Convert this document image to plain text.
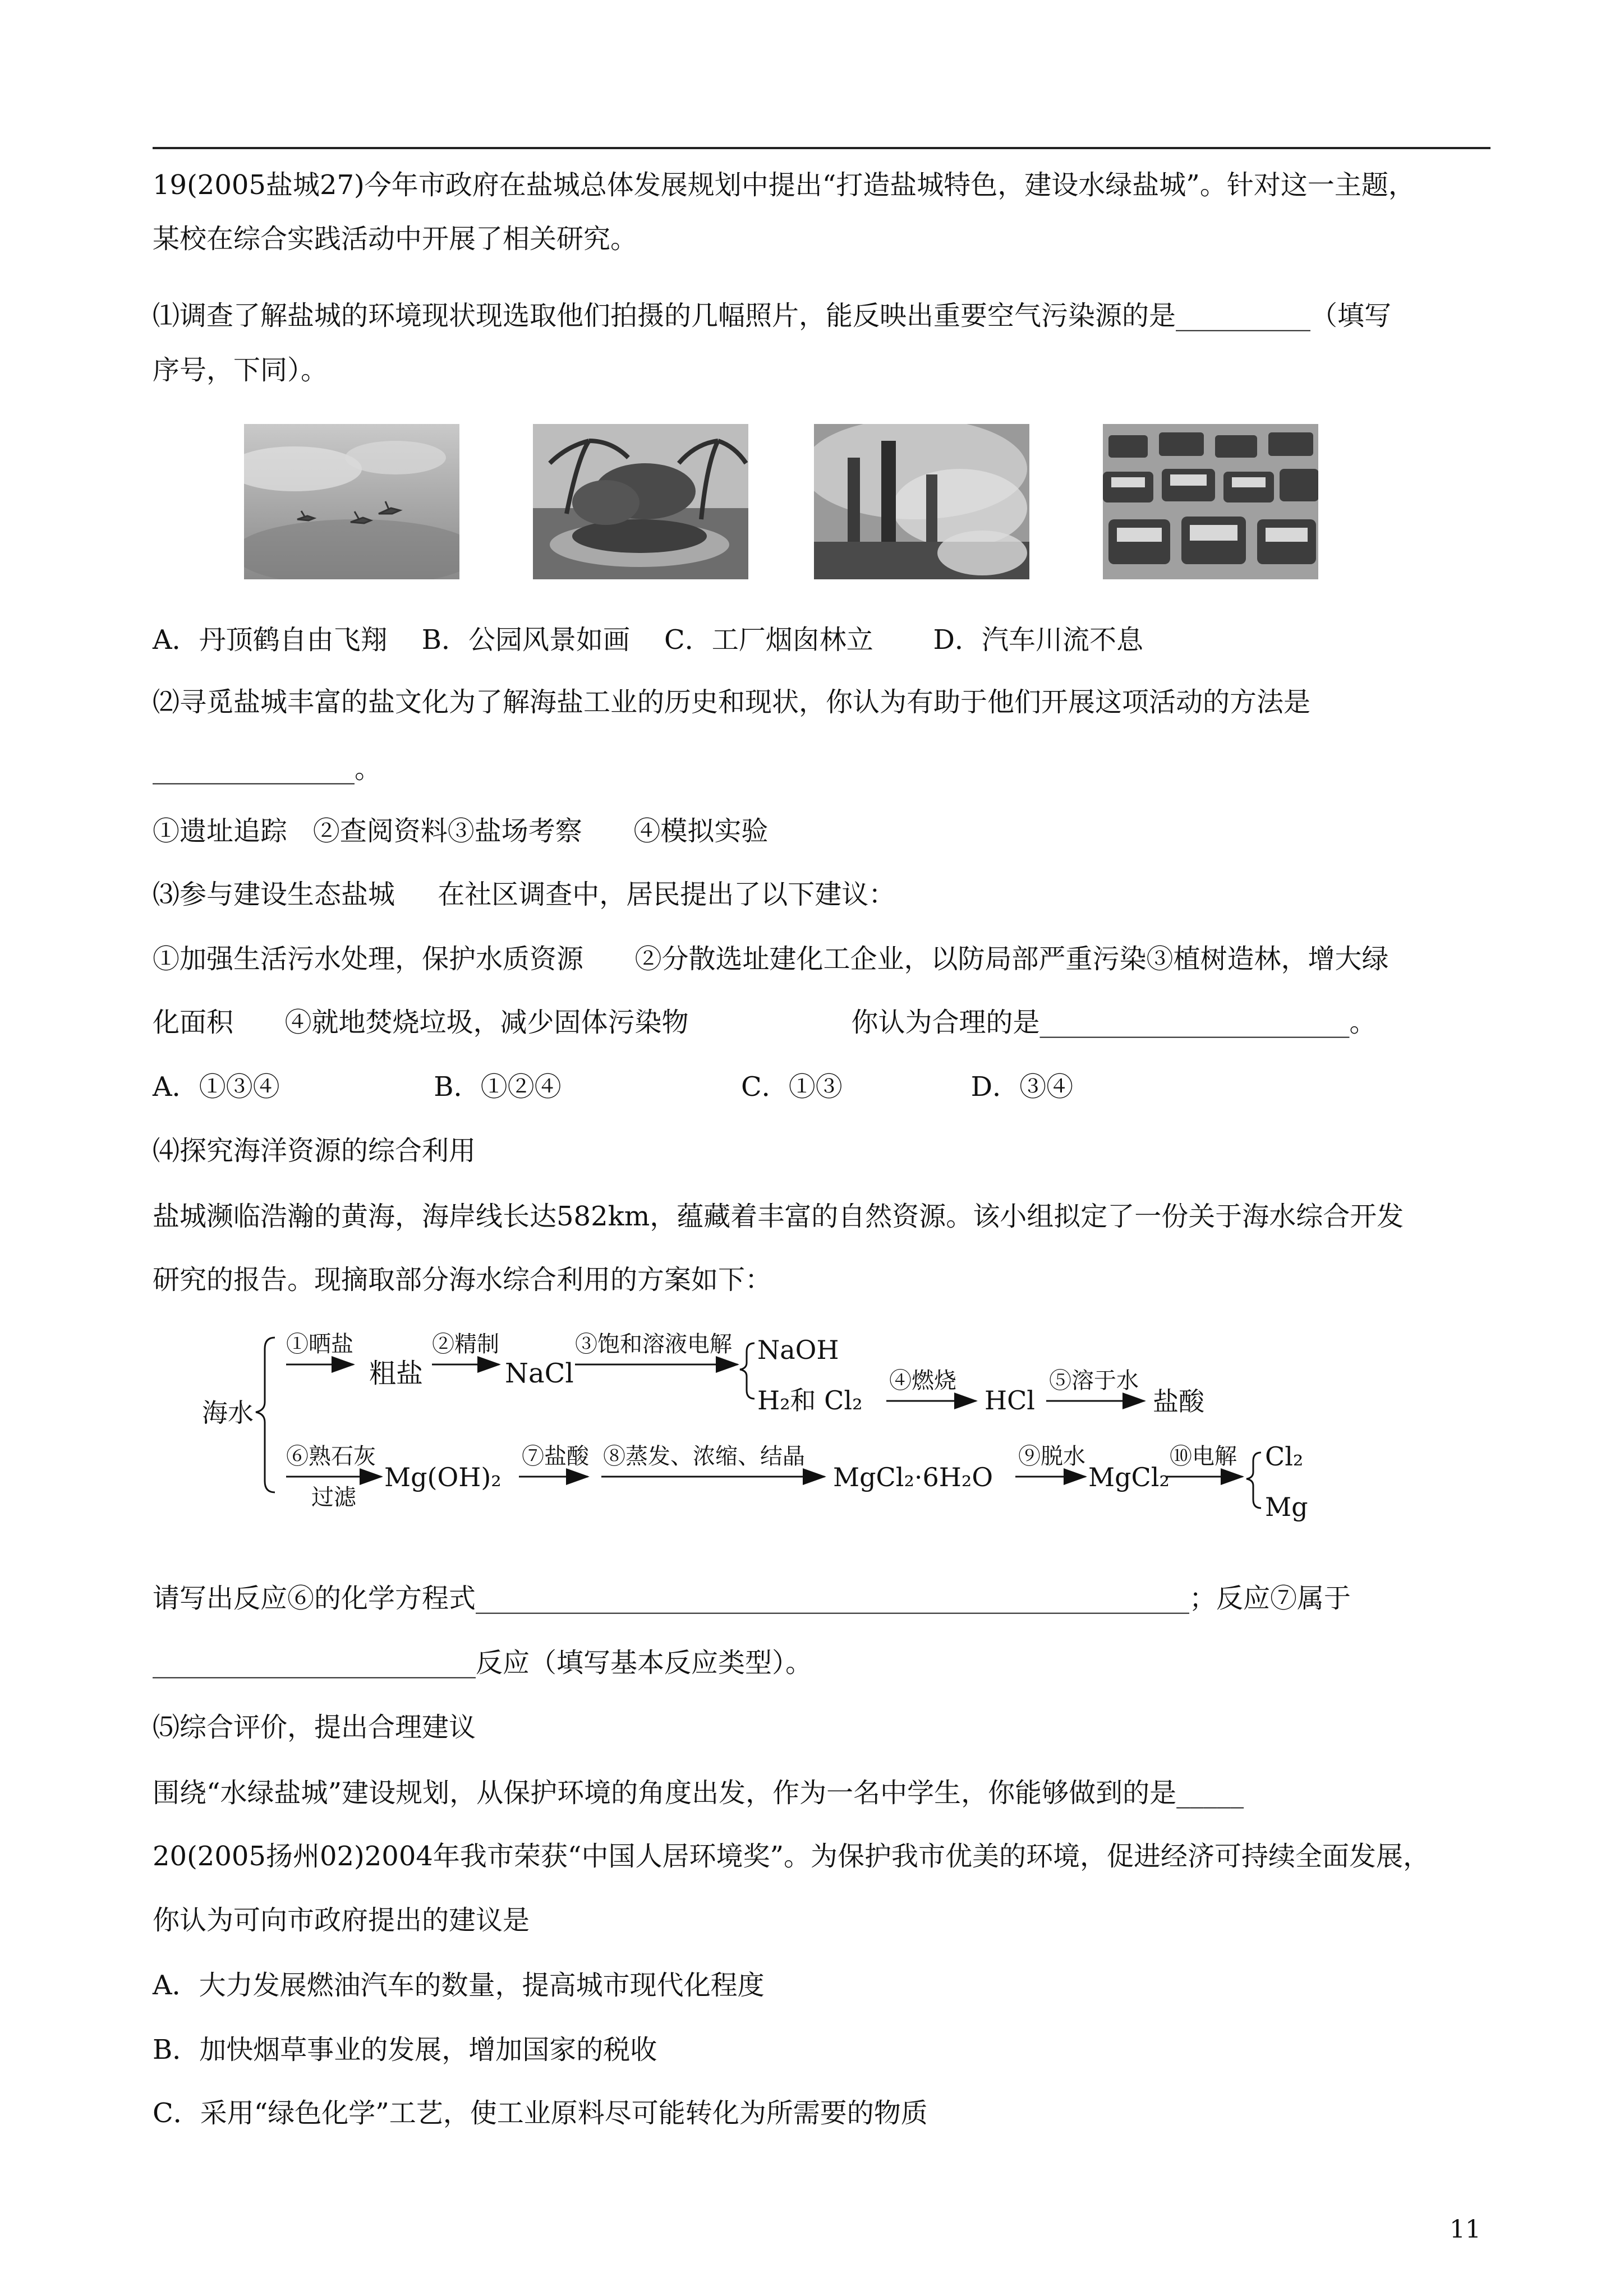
19(2005盐城27)今年市政府在盐城总体发展规划中提出“打造盐城特色，建设水绿盐城”。针对这一主题，
某校在综合实践活动中开展了相关研究。
⑴调查了解盐城的环境现状现选取他们拍摄的几幅照片，能反映出重要空气污染源的是__________（填写
序号，下同）。
A．丹顶鹤自由飞翔    B．公园风景如画    C．工厂烟囱林立       D．汽车川流不息
⑵寻觅盐城丰富的盐文化为了解海盐工业的历史和现状，你认为有助于他们开展这项活动的方法是
_______________。
①遗址追踪   ②查阅资料③盐场考察      ④模拟实验
⑶参与建设生态盐城     在社区调查中，居民提出了以下建议：
①加强生活污水处理，保护水质资源      ②分散选址建化工企业，以防局部严重污染③植树造林，增大绿
化面积      ④就地焚烧垃圾，减少固体污染物                   你认为合理的是_______________________。
A．①③④                  B．①②④                     C．①③               D．③④
⑷探究海洋资源的综合利用
盐城濒临浩瀚的黄海，海岸线长达582km，蕴藏着丰富的自然资源。该小组拟定了一份关于海水综合开发
研究的报告。现摘取部分海水综合利用的方案如下：
海水
①晒盐
粗盐
②精制
NaCl
③饱和溶液电解 NaOH
H₂和 Cl₂
④燃烧
HCl
⑤溶于水
盐酸
⑥熟石灰
过滤
Mg(OH)₂
⑦盐酸 ⑧蒸发、浓缩、结晶
MgCl₂·6H₂O
⑨脱水
MgCl₂
⑩电解 Cl₂
Mg
请写出反应⑥的化学方程式_____________________________________________________；反应⑦属于
________________________反应（填写基本反应类型）。
⑸综合评价，提出合理建议
围绕“水绿盐城”建设规划，从保护环境的角度出发，作为一名中学生，你能够做到的是_____
20(2005扬州02)2004年我市荣获“中国人居环境奖”。为保护我市优美的环境，促进经济可持续全面发展，
你认为可向市政府提出的建议是
A．大力发展燃油汽车的数量，提高城市现代化程度
B．加快烟草事业的发展，增加国家的税收
C．采用“绿色化学”工艺，使工业原料尽可能转化为所需要的物质
11
